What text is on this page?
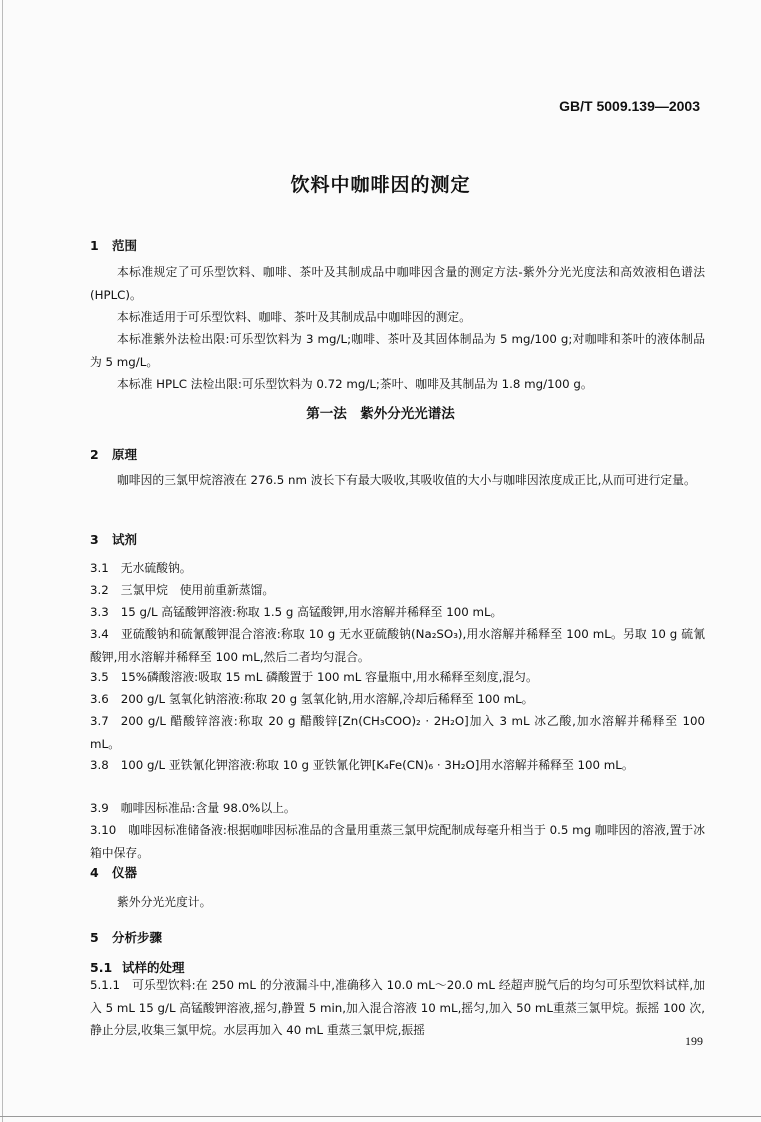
GB/T 5009.139—2003
饮料中咖啡因的测定
1 范围
本标准规定了可乐型饮料、咖啡、茶叶及其制成品中咖啡因含量的测定方法-紫外分光光度法和高效液相色谱法(HPLC)。
本标准适用于可乐型饮料、咖啡、茶叶及其制成品中咖啡因的测定。
本标准紫外法检出限:可乐型饮料为 3 mg/L;咖啡、茶叶及其固体制品为 5 mg/100 g;对咖啡和茶叶的液体制品为 5 mg/L。
本标准 HPLC 法检出限:可乐型饮料为 0.72 mg/L;茶叶、咖啡及其制品为 1.8 mg/100 g。
第一法　紫外分光光谱法
2 原理
咖啡因的三氯甲烷溶液在 276.5 nm 波长下有最大吸收,其吸收值的大小与咖啡因浓度成正比,从而可进行定量。
3 试剂
3.1 无水硫酸钠。
3.2 三氯甲烷　使用前重新蒸馏。
3.3 15 g/L 高锰酸钾溶液:称取 1.5 g 高锰酸钾,用水溶解并稀释至 100 mL。
3.4 亚硫酸钠和硫氰酸钾混合溶液:称取 10 g 无水亚硫酸钠(Na₂SO₃),用水溶解并稀释至 100 mL。另取 10 g 硫氰酸钾,用水溶解并稀释至 100 mL,然后二者均匀混合。
3.5 15%磷酸溶液:吸取 15 mL 磷酸置于 100 mL 容量瓶中,用水稀释至刻度,混匀。
3.6 200 g/L 氢氧化钠溶液:称取 20 g 氢氧化钠,用水溶解,冷却后稀释至 100 mL。
3.7 200 g/L 醋酸锌溶液:称取 20 g 醋酸锌[Zn(CH₃COO)₂ · 2H₂O]加入 3 mL 冰乙酸,加水溶解并稀释至 100 mL。
3.8 100 g/L 亚铁氰化钾溶液:称取 10 g 亚铁氰化钾[K₄Fe(CN)₆ · 3H₂O]用水溶解并稀释至 100 mL。
3.9 咖啡因标准品:含量 98.0%以上。
3.10 咖啡因标准储备液:根据咖啡因标准品的含量用重蒸三氯甲烷配制成每毫升相当于 0.5 mg 咖啡因的溶液,置于冰箱中保存。
4 仪器
紫外分光光度计。
5 分析步骤
5.1 试样的处理
5.1.1 可乐型饮料:在 250 mL 的分液漏斗中,准确移入 10.0 mL～20.0 mL 经超声脱气后的均匀可乐型饮料试样,加入 5 mL 15 g/L 高锰酸钾溶液,摇匀,静置 5 min,加入混合溶液 10 mL,摇匀,加入 50 mL重蒸三氯甲烷。振摇 100 次,静止分层,收集三氯甲烷。水层再加入 40 mL 重蒸三氯甲烷,振摇
199
